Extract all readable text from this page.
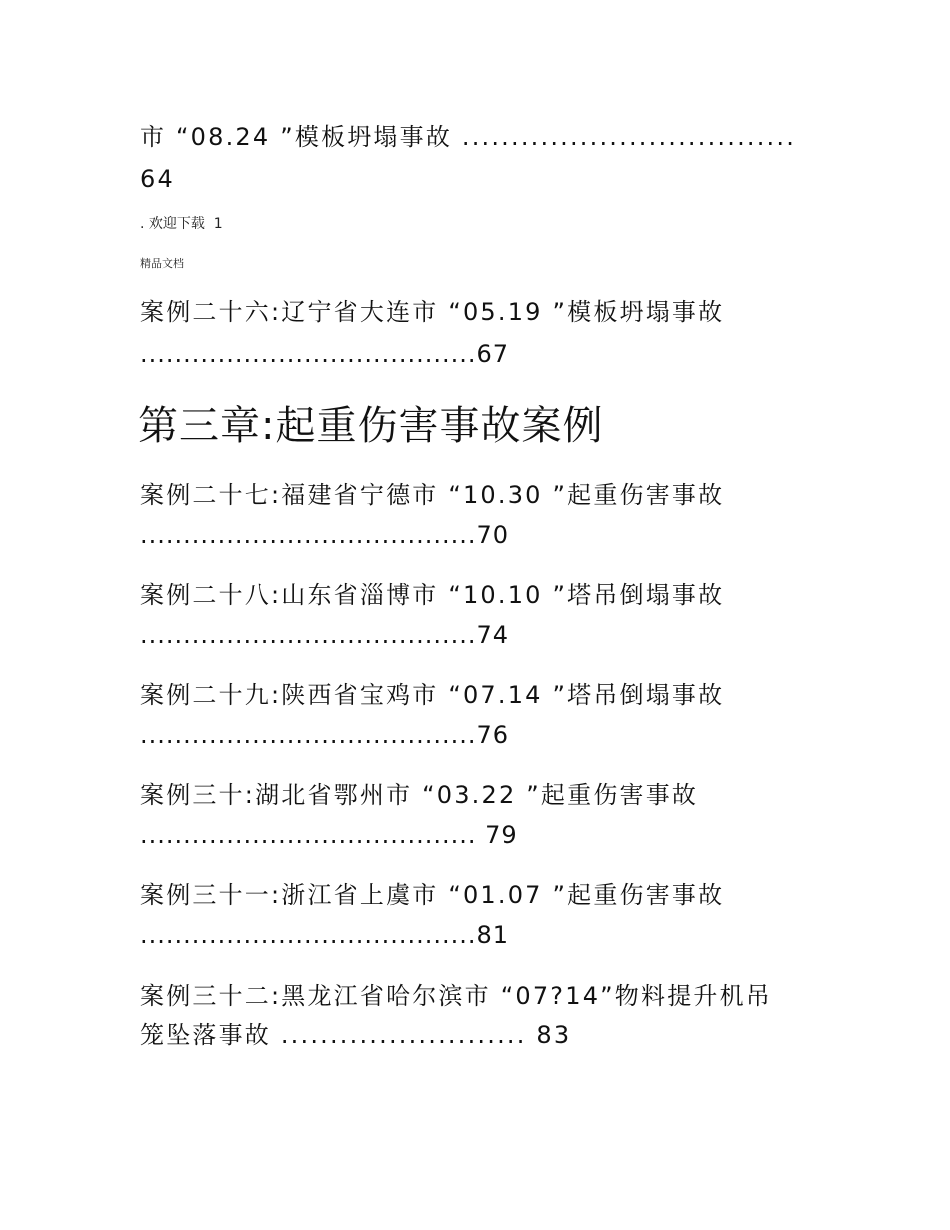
市 “08.24 ”模板坍塌事故 ..................................
64
. 欢迎下载  1
精品文档
案例二十六:辽宁省大连市 “05.19 ”模板坍塌事故
.......................................67
第三章:起重伤害事故案例
案例二十七:福建省宁德市 “10.30 ”起重伤害事故
.......................................70
案例二十八:山东省淄博市 “10.10 ”塔吊倒塌事故
.......................................74
案例二十九:陕西省宝鸡市 “07.14 ”塔吊倒塌事故
.......................................76
案例三十:湖北省鄂州市 “03.22 ”起重伤害事故
....................................... 79
案例三十一:浙江省上虞市 “01.07 ”起重伤害事故
.......................................81
案例三十二:黑龙江省哈尔滨市 “07?14”物料提升机吊
笼坠落事故 ......................... 83
